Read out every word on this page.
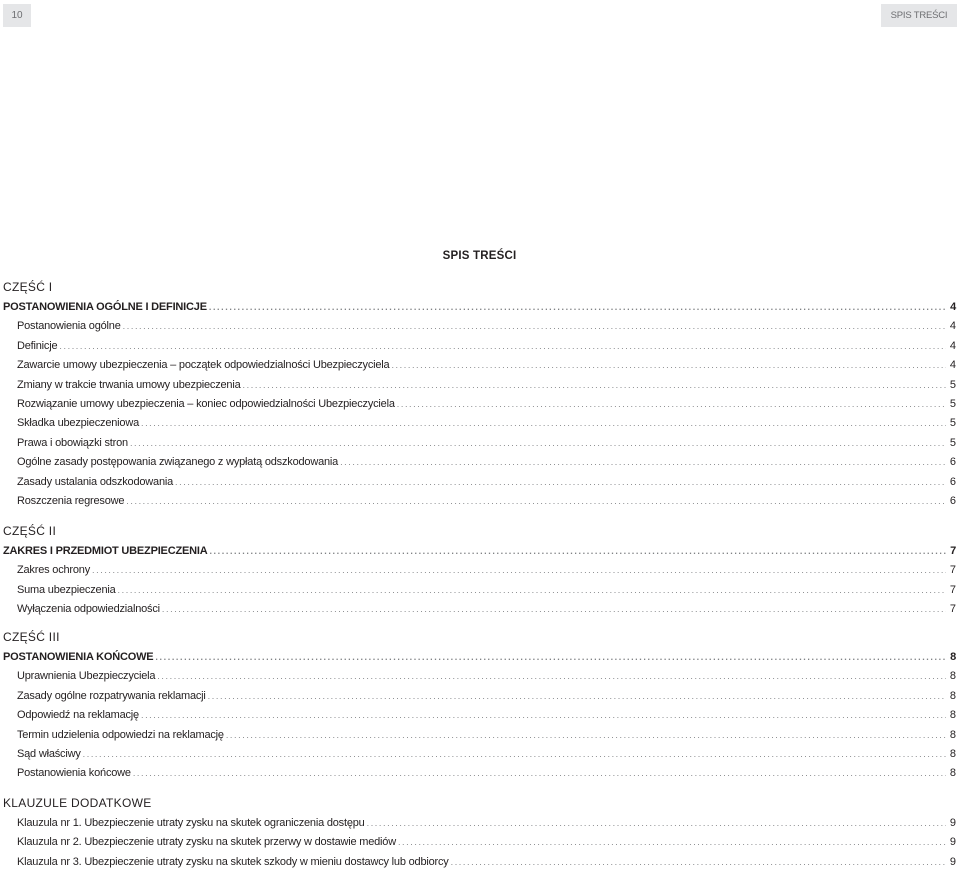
10	SPIS TREŚCI
SPIS TREŚCI
CZĘŚĆ I
POSTANOWIENIA OGÓLNE I DEFINICJE .....	4
Postanowienia ogólne .....	4
Definicje .....	4
Zawarcie umowy ubezpieczenia – początek odpowiedzialności Ubezpieczyciela .....	4
Zmiany w trakcie trwania umowy ubezpieczenia .....	5
Rozwiązanie umowy ubezpieczenia – koniec odpowiedzialności Ubezpieczyciela .....	5
Składka ubezpieczeniowa .....	5
Prawa i obowiązki stron .....	5
Ogólne zasady postępowania związanego z wypłatą odszkodowania .....	6
Zasady ustalania odszkodowania .....	6
Roszczenia regresowe .....	6
CZĘŚĆ II
ZAKRES I PRZEDMIOT UBEZPIECZENIA .....	7
Zakres ochrony .....	7
Suma ubezpieczenia .....	7
Wyłączenia odpowiedzialności .....	7
CZĘŚĆ III
POSTANOWIENIA KOŃCOWE .....	8
Uprawnienia Ubezpieczyciela .....	8
Zasady ogólne rozpatrywania reklamacji .....	8
Odpowiedź na reklamację .....	8
Termin udzielenia odpowiedzi na reklamację .....	8
Sąd właściwy .....	8
Postanowienia końcowe .....	8
KLAUZULE DODATKOWE
Klauzula nr 1. Ubezpieczenie utraty zysku na skutek ograniczenia dostępu .....	9
Klauzula nr 2. Ubezpieczenie utraty zysku na skutek przerwy w dostawie mediów .....	9
Klauzula nr 3. Ubezpieczenie utraty zysku na skutek szkody w mieniu dostawcy lub odbiorcy .....	9
